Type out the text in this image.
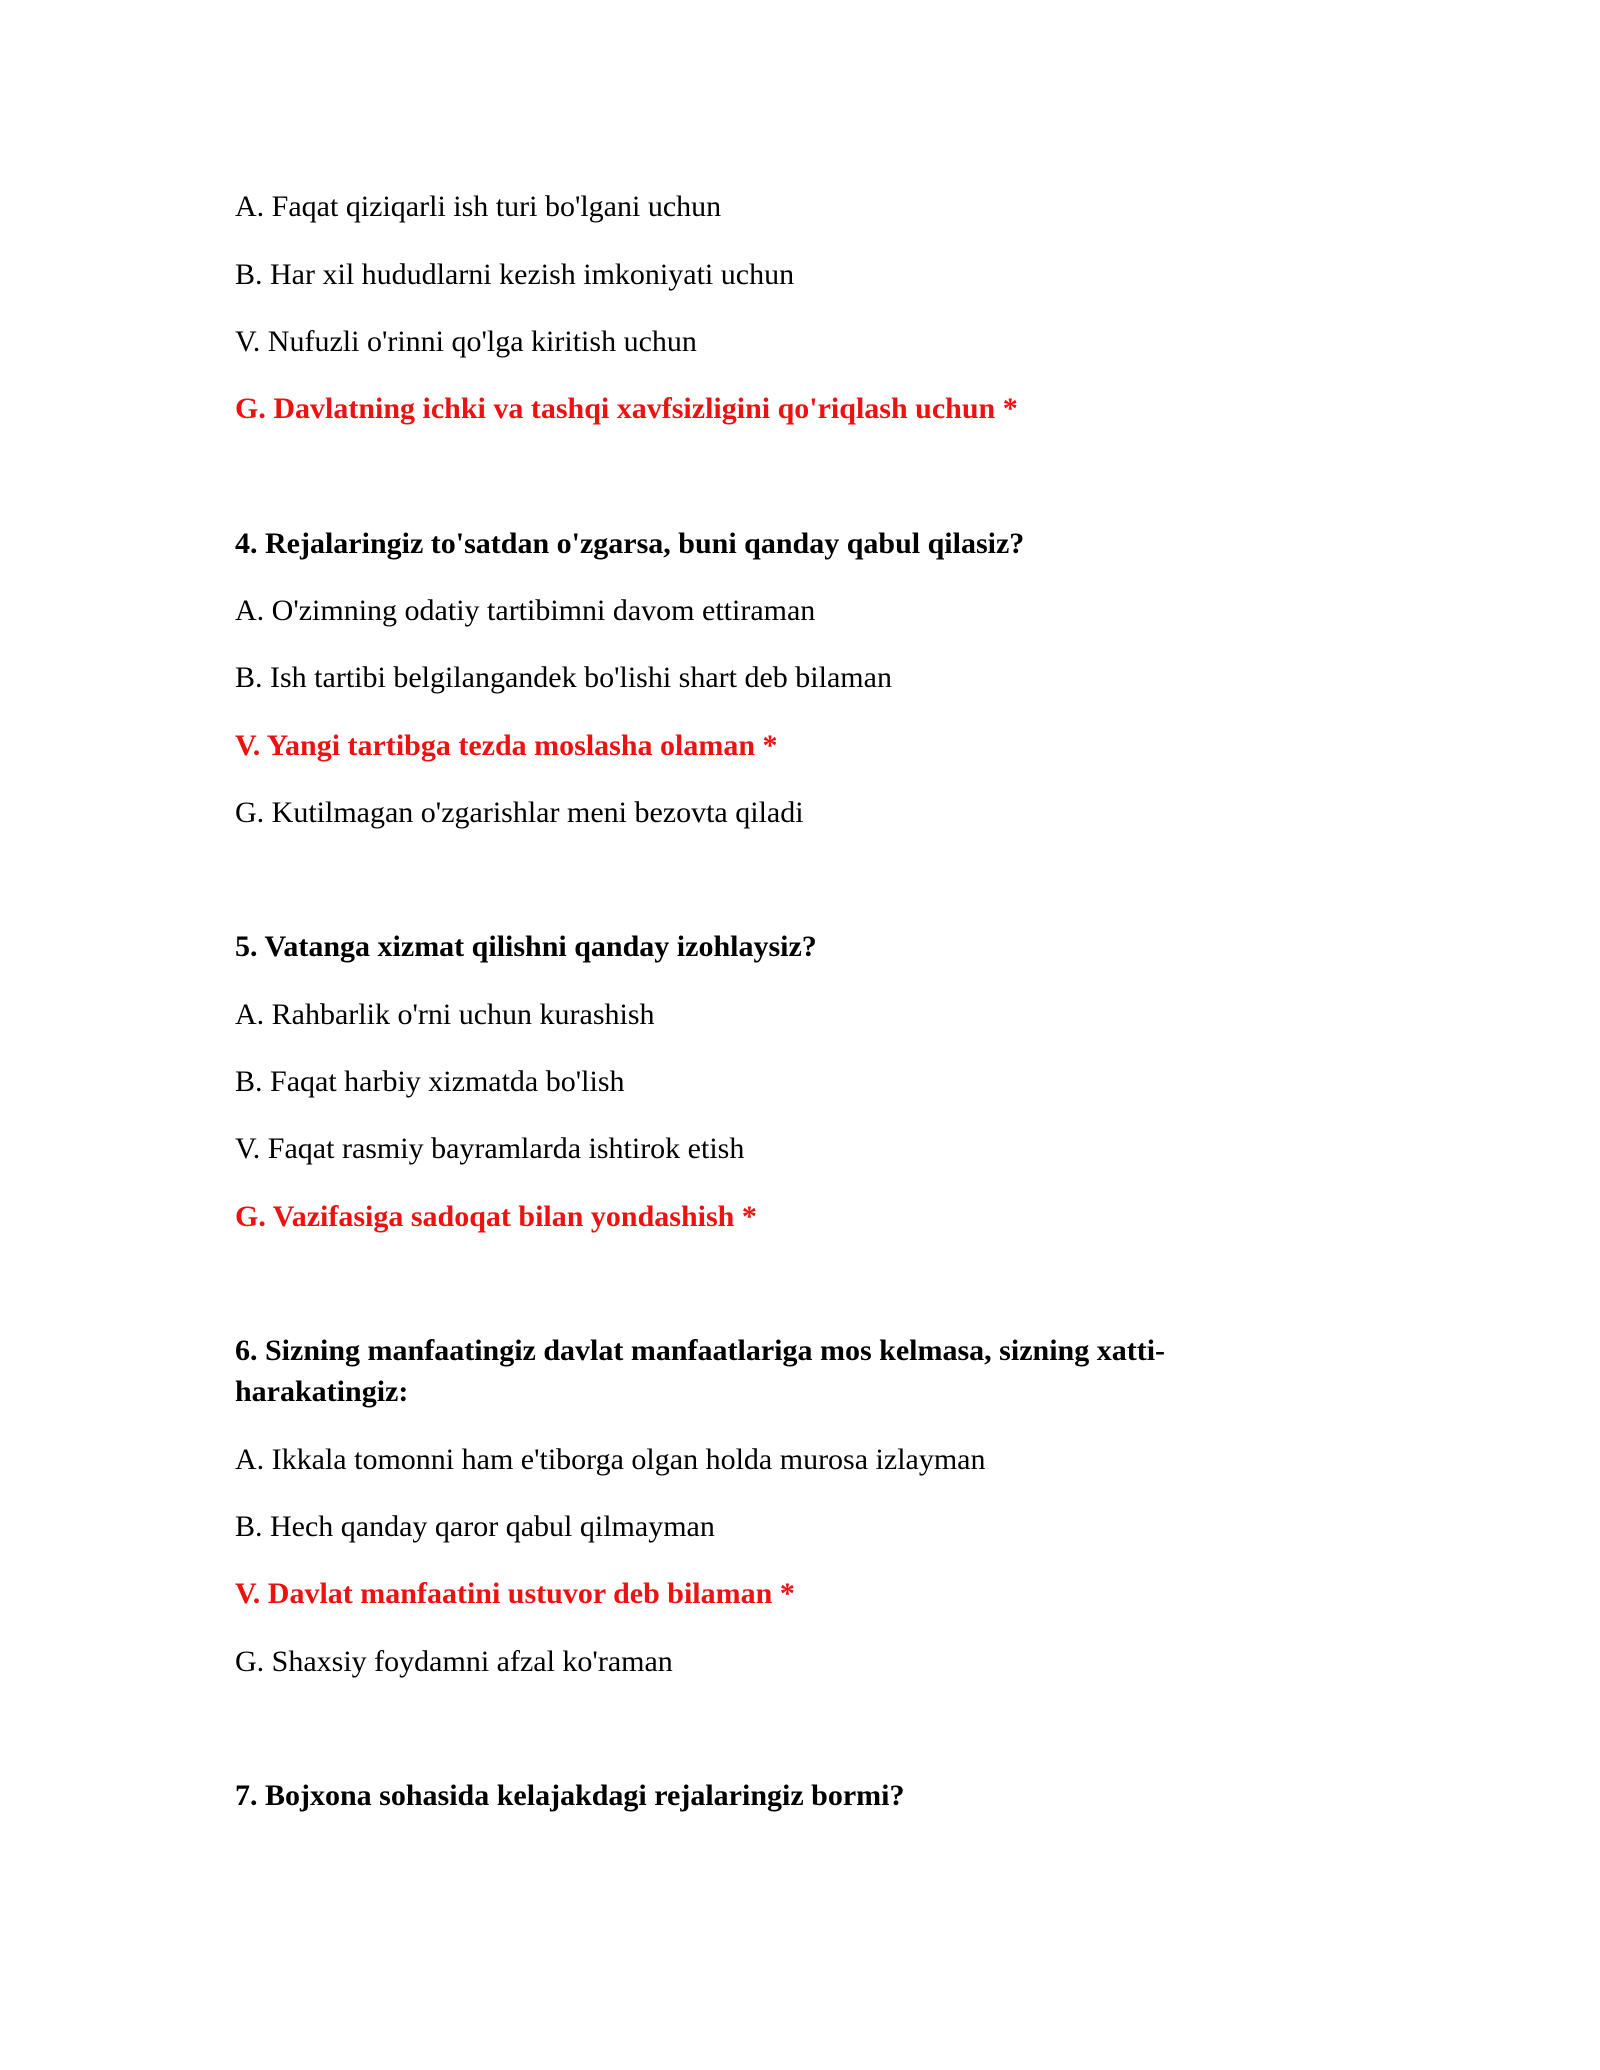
A. Faqat qiziqarli ish turi bo'lgani uchun
B. Har xil hududlarni kezish imkoniyati uchun
V. Nufuzli o'rinni qo'lga kiritish uchun
G. Davlatning ichki va tashqi xavfsizligini qo'riqlash uchun *
4. Rejalaringiz to'satdan o'zgarsa, buni qanday qabul qilasiz?
A. O'zimning odatiy tartibimni davom ettiraman
B. Ish tartibi belgilangandek bo'lishi shart deb bilaman
V. Yangi tartibga tezda moslasha olaman *
G. Kutilmagan o'zgarishlar meni bezovta qiladi
5. Vatanga xizmat qilishni qanday izohlaysiz?
A. Rahbarlik o'rni uchun kurashish
B. Faqat harbiy xizmatda bo'lish
V. Faqat rasmiy bayramlarda ishtirok etish
G. Vazifasiga sadoqat bilan yondashish *
6. Sizning manfaatingiz davlat manfaatlariga mos kelmasa, sizning xatti-harakatingiz:
A. Ikkala tomonni ham e'tiborga olgan holda murosa izlayman
B. Hech qanday qaror qabul qilmayman
V. Davlat manfaatini ustuvor deb bilaman *
G. Shaxsiy foydamni afzal ko'raman
7. Bojxona sohasida kelajakdagi rejalaringiz bormi?
